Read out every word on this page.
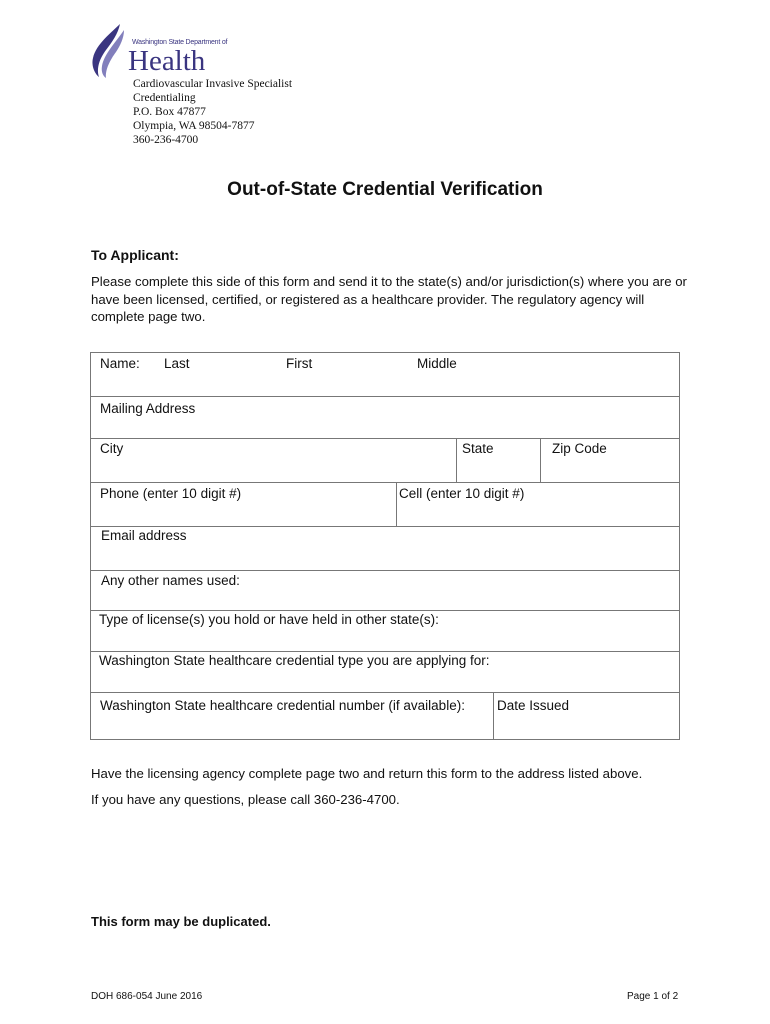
Washington State Department of
Health
Cardiovascular Invasive Specialist
Credentialing
P.O. Box 47877
Olympia, WA 98504-7877
360-236-4700
Out-of-State Credential Verification
To Applicant:
Please complete this side of this form and send it to the state(s) and/or jurisdiction(s) where you are or have been licensed, certified, or registered as a healthcare provider. The regulatory agency will complete page two.
Name: Last	First	Middle
Mailing Address
City	State	Zip Code
Phone (enter 10 digit #)	Cell (enter 10 digit #)
Email address
Any other names used:
Type of license(s) you hold or have held in other state(s):
Washington State healthcare credential type you are applying for:
Washington State healthcare credential number (if available): Date Issued
Have the licensing agency complete page two and return this form to the address listed above.
If you have any questions, please call 360-236-4700.
This form may be duplicated.
DOH 686-054 June 2016	Page 1 of 2
